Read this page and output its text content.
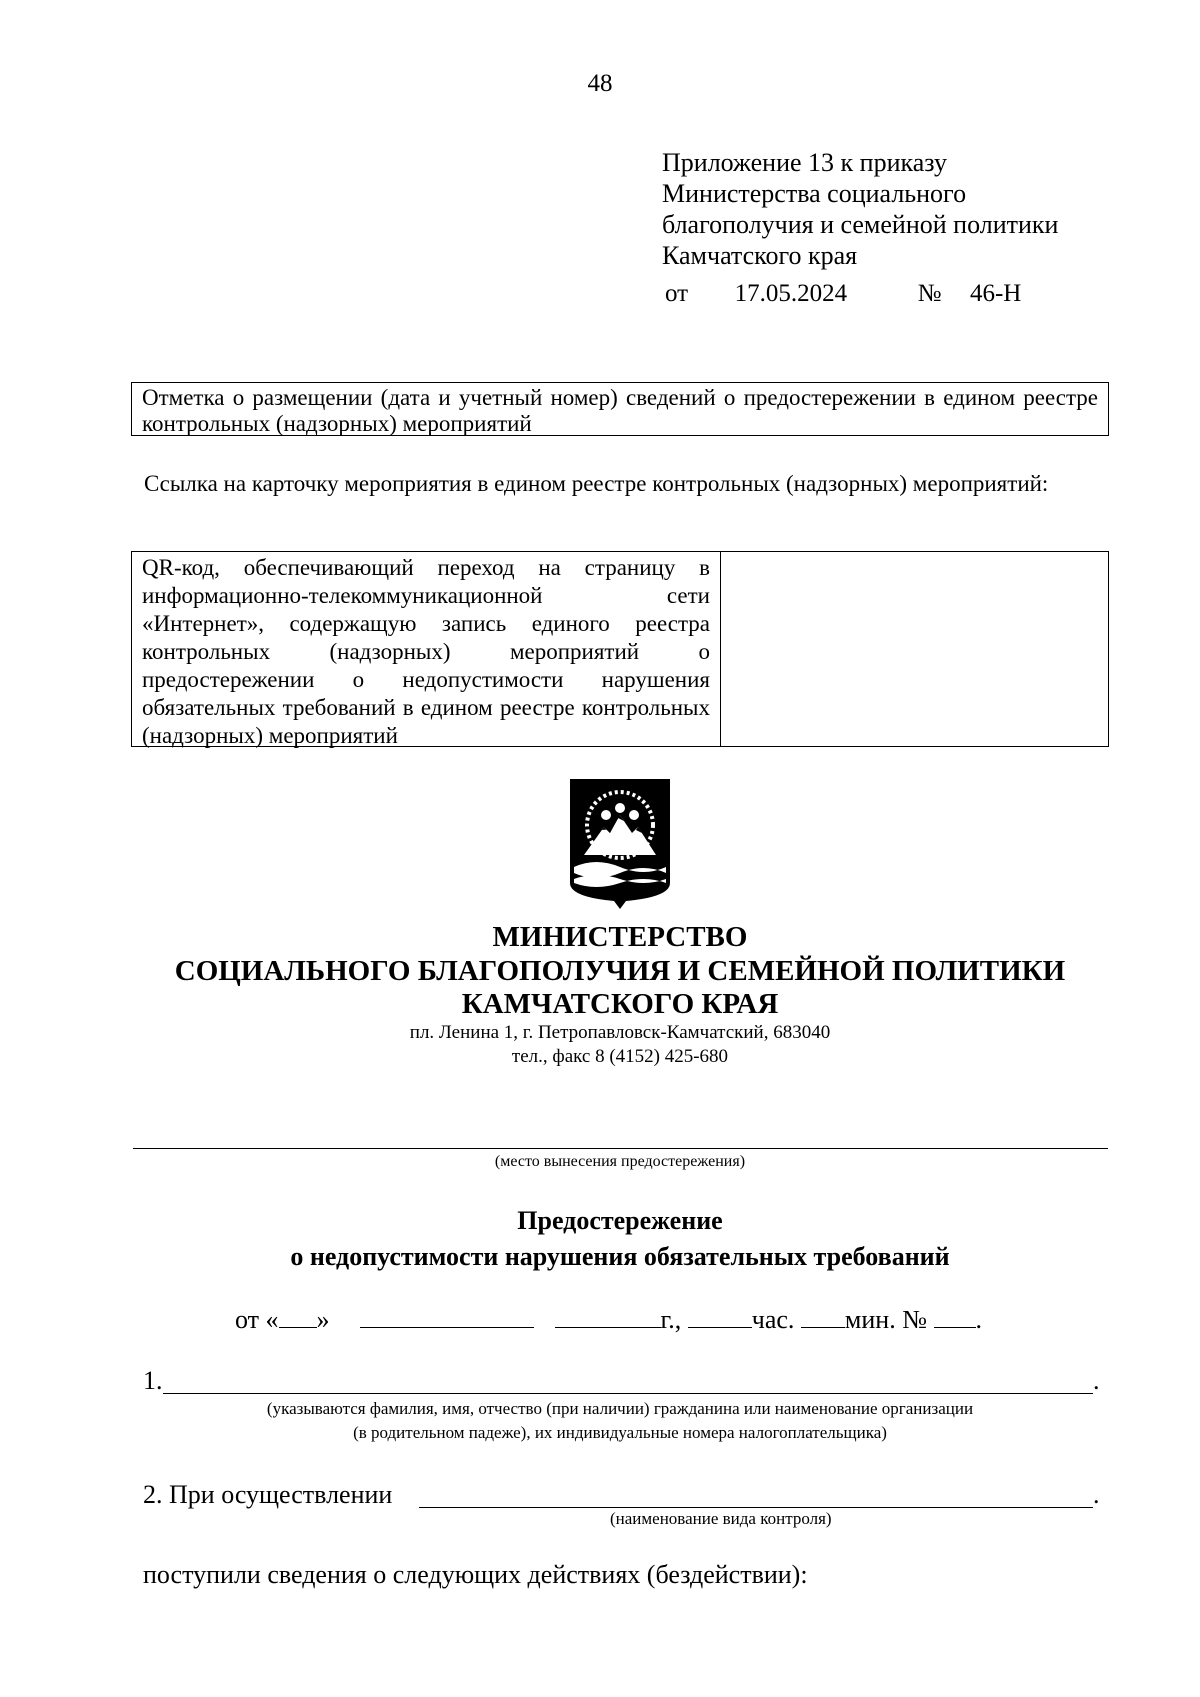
48
Приложение 13 к приказу
Министерства социального
благополучия и семейной политики
Камчатского края
от 17.05.2024	№ 46-Н
Отметка о размещении (дата и учетный номер) сведений о предостережении в едином реестре контрольных (надзорных) мероприятий
Ссылка на карточку мероприятия в едином реестре контрольных (надзорных) мероприятий:
QR-код, обеспечивающий переход на страницу в информационно-телекоммуникационной сети «Интернет», содержащую запись единого реестра контрольных (надзорных) мероприятий о предостережении о недопустимости нарушения обязательных требований в едином реестре контрольных (надзорных) мероприятий
МИНИСТЕРСТВО
СОЦИАЛЬНОГО БЛАГОПОЛУЧИЯ И СЕМЕЙНОЙ ПОЛИТИКИ
КАМЧАТСКОГО КРАЯ
пл. Ленина 1, г. Петропавловск-Камчатский, 683040
тел., факс 8 (4152) 425-680
(место вынесения предостережения)
Предостережение
о недопустимости нарушения обязательных требований
от « »	г.,	час. мин. № .
1.	.
(указываются фамилия, имя, отчество (при наличии) гражданина или наименование организации
(в родительном падеже), их индивидуальные номера налогоплательщика)
2. При осуществлении	.
(наименование вида контроля)
поступили сведения о следующих действиях (бездействии):
